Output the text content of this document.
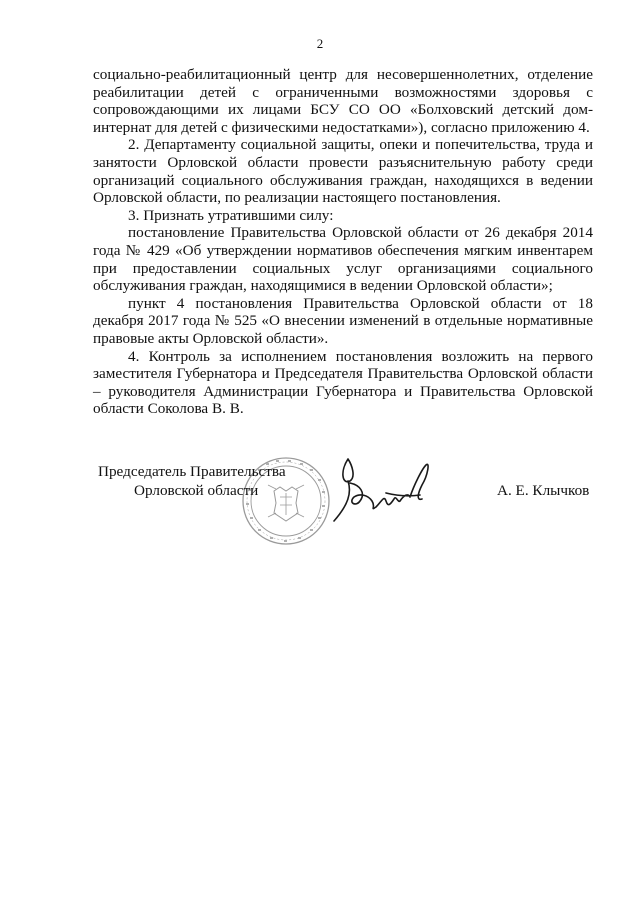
2

социально-реабилитационный центр для несовершеннолетних, отделение реабилитации детей с ограниченными возможностями здоровья с сопровождающими их лицами БСУ СО ОО «Болховский детский дом-интернат для детей с физическими недостатками»), согласно приложению 4.

2. Департаменту социальной защиты, опеки и попечительства, труда и занятости Орловской области провести разъяснительную работу среди организаций социального обслуживания граждан, находящихся в ведении Орловской области, по реализации настоящего постановления.

3. Признать утратившими силу:

постановление Правительства Орловской области от 26 декабря 2014 года № 429 «Об утверждении нормативов обеспечения мягким инвентарем при предоставлении социальных услуг организациями социального обслуживания граждан, находящимися в ведении Орловской области»;

пункт 4 постановления Правительства Орловской области от 18 декабря 2017 года № 525 «О внесении изменений в отдельные нормативные правовые акты Орловской области».

4. Контроль за исполнением постановления возложить на первого заместителя Губернатора и Председателя Правительства Орловской области – руководителя Администрации Губернатора и Правительства Орловской области Соколова В. В.

Председатель Правительства
Орловской области	А. Е. Клычков
